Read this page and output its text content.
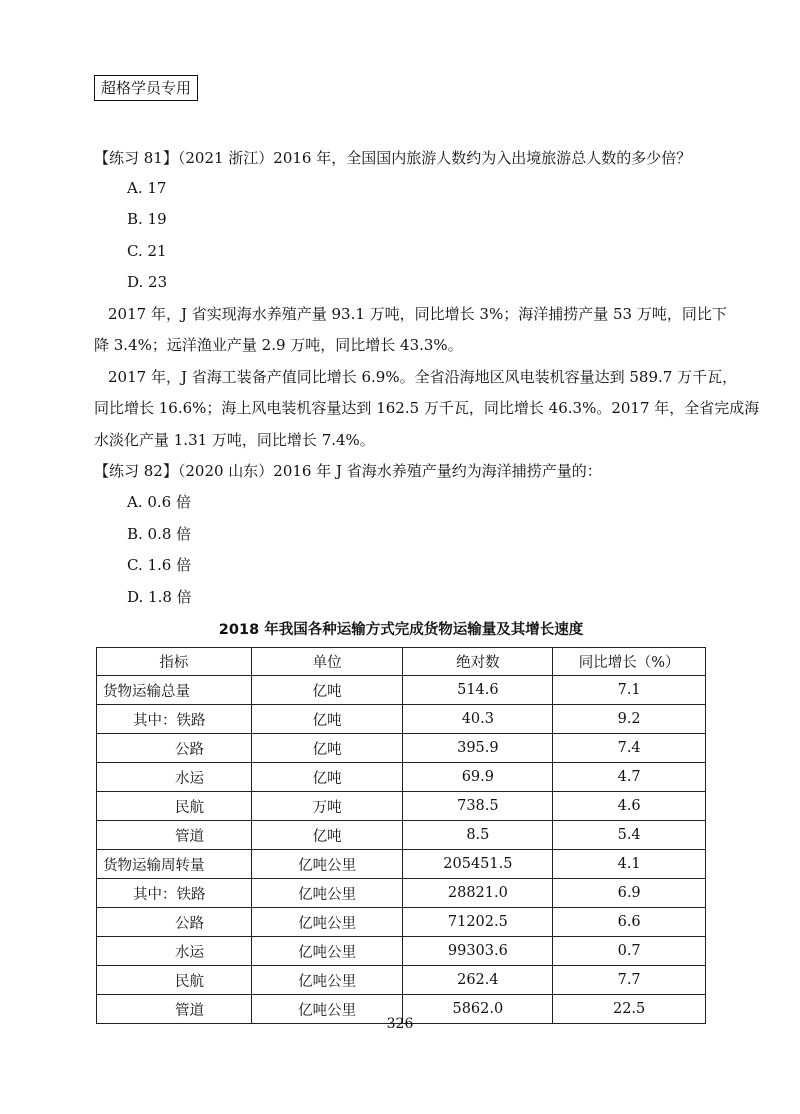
超格学员专用
【练习 81】（2021 浙江）2016 年，全国国内旅游人数约为入出境旅游总人数的多少倍？
A. 17
B. 19
C. 21
D. 23
2017 年，J 省实现海水养殖产量 93.1 万吨，同比增长 3%；海洋捕捞产量 53 万吨，同比下
降 3.4%；远洋渔业产量 2.9 万吨，同比增长 43.3%。
2017 年，J 省海工装备产值同比增长 6.9%。全省沿海地区风电装机容量达到 589.7 万千瓦，
同比增长 16.6%；海上风电装机容量达到 162.5 万千瓦，同比增长 46.3%。2017 年，全省完成海
水淡化产量 1.31 万吨，同比增长 7.4%。
【练习 82】（2020 山东）2016 年 J 省海水养殖产量约为海洋捕捞产量的：
A. 0.6 倍
B. 0.8 倍
C. 1.6 倍
D. 1.8 倍
2018 年我国各种运输方式完成货物运输量及其增长速度
指标	单位	绝对数	同比增长（%）
货物运输总量	亿吨	514.6	7.1
其中：铁路	亿吨	40.3	9.2
公路	亿吨	395.9	7.4
水运	亿吨	69.9	4.7
民航	万吨	738.5	4.6
管道	亿吨	8.5	5.4
货物运输周转量	亿吨公里	205451.5	4.1
其中：铁路	亿吨公里	28821.0	6.9
公路	亿吨公里	71202.5	6.6
水运	亿吨公里	99303.6	0.7
民航	亿吨公里	262.4	7.7
管道	亿吨公里	5862.0	22.5
326
